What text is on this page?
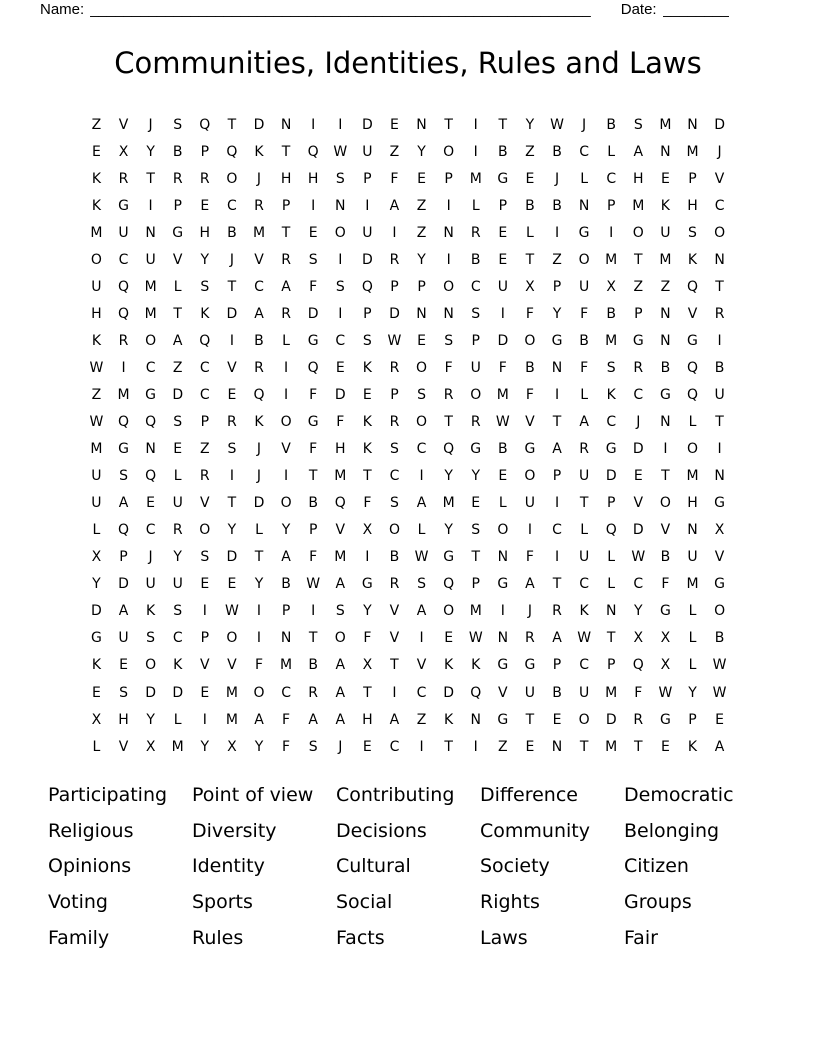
Name: ____________________________________________________________ Date: ________
Communities, Identities, Rules and Laws
Z	V	J	S	Q	T	D	N	I	I	D	E	N	T	I	T	Y	W	J	B	S	M	N	D
E	X	Y	B	P	Q	K	T	Q	W	U	Z	Y	O	I	B	Z	B	C	L	A	N	M	J
K	R	T	R	R	O	J	H	H	S	P	F	E	P	M	G	E	J	L	C	H	E	P	V
K	G	I	P	E	C	R	P	I	N	I	A	Z	I	L	P	B	B	N	P	M	K	H	C
M	U	N	G	H	B	M	T	E	O	U	I	Z	N	R	E	L	I	G	I	O	U	S	O
O	C	U	V	Y	J	V	R	S	I	D	R	Y	I	B	E	T	Z	O	M	T	M	K	N
U	Q	M	L	S	T	C	A	F	S	Q	P	P	O	C	U	X	P	U	X	Z	Z	Q	T
H	Q	M	T	K	D	A	R	D	I	P	D	N	N	S	I	F	Y	F	B	P	N	V	R
K	R	O	A	Q	I	B	L	G	C	S	W	E	S	P	D	O	G	B	M	G	N	G	I
W	I	C	Z	C	V	R	I	Q	E	K	R	O	F	U	F	B	N	F	S	R	B	Q	B
Z	M	G	D	C	E	Q	I	F	D	E	P	S	R	O	M	F	I	L	K	C	G	Q	U
W	Q	Q	S	P	R	K	O	G	F	K	R	O	T	R	W	V	T	A	C	J	N	L	T
M	G	N	E	Z	S	J	V	F	H	K	S	C	Q	G	B	G	A	R	G	D	I	O	I
U	S	Q	L	R	I	J	I	T	M	T	C	I	Y	Y	E	O	P	U	D	E	T	M	N
U	A	E	U	V	T	D	O	B	Q	F	S	A	M	E	L	U	I	T	P	V	O	H	G
L	Q	C	R	O	Y	L	Y	P	V	X	O	L	Y	S	O	I	C	L	Q	D	V	N	X
X	P	J	Y	S	D	T	A	F	M	I	B	W	G	T	N	F	I	U	L	W	B	U	V
Y	D	U	U	E	E	Y	B	W	A	G	R	S	Q	P	G	A	T	C	L	C	F	M	G
D	A	K	S	I	W	I	P	I	S	Y	V	A	O	M	I	J	R	K	N	Y	G	L	O
G	U	S	C	P	O	I	N	T	O	F	V	I	E	W	N	R	A	W	T	X	X	L	B
K	E	O	K	V	V	F	M	B	A	X	T	V	K	K	G	G	P	C	P	Q	X	L	W
E	S	D	D	E	M	O	C	R	A	T	I	C	D	Q	V	U	B	U	M	F	W	Y	W
X	H	Y	L	I	M	A	F	A	A	H	A	Z	K	N	G	T	E	O	D	R	G	P	E
L	V	X	M	Y	X	Y	F	S	J	E	C	I	T	I	Z	E	N	T	M	T	E	K	A
Participating
Religious
Opinions
Voting
Family
Point of view
Diversity
Identity
Sports
Rules
Contributing
Decisions
Cultural
Social
Facts
Difference
Community
Society
Rights
Laws
Democratic
Belonging
Citizen
Groups
Fair
